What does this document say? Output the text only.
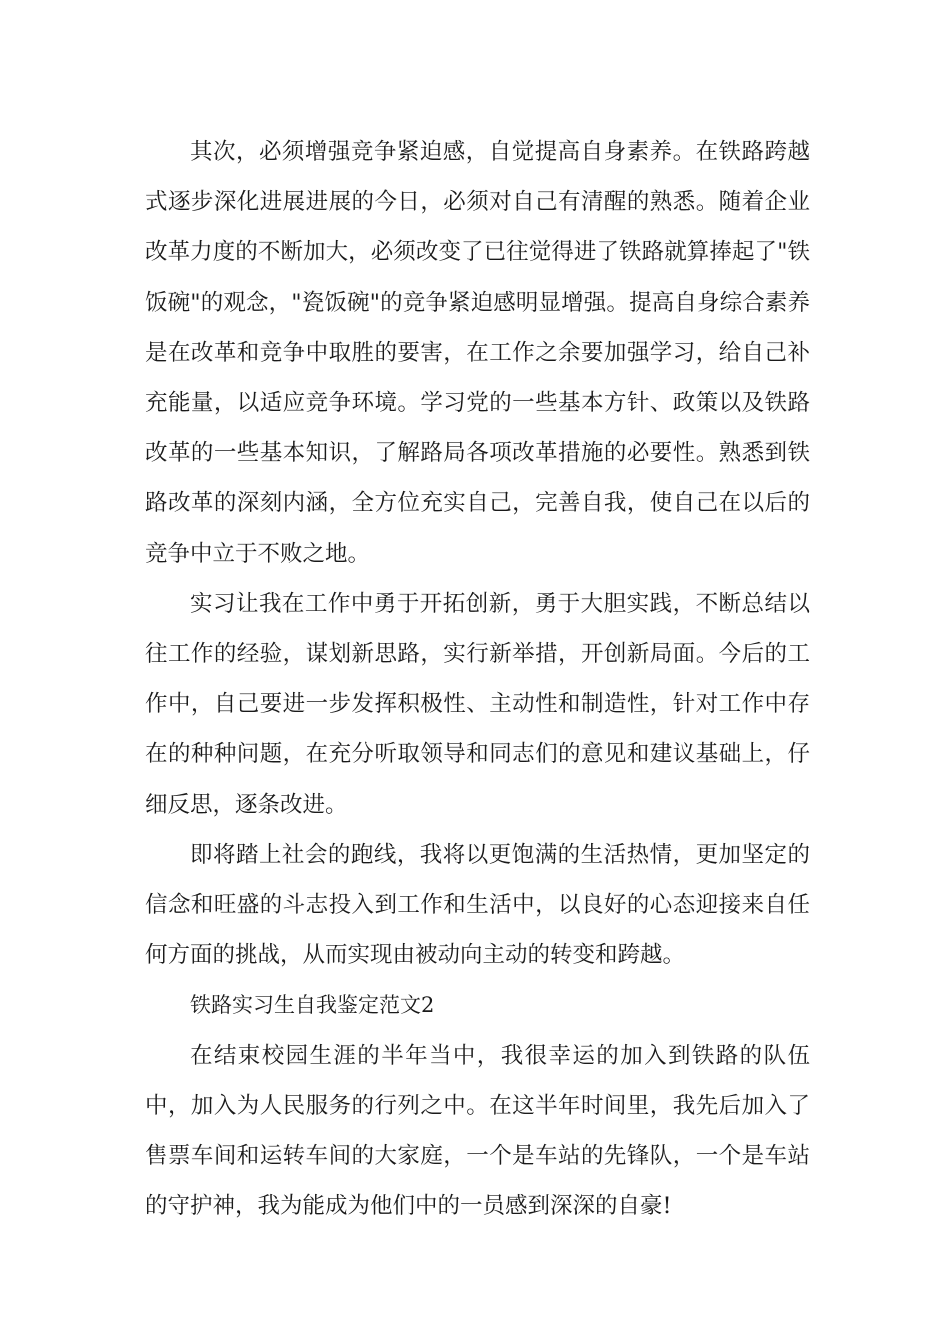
其次，必须增强竞争紧迫感，自觉提高自身素养。在铁路跨越式逐步深化进展进展的今日，必须对自己有清醒的熟悉。随着企业改革力度的不断加大，必须改变了已往觉得进了铁路就算捧起了"铁饭碗"的观念，"瓷饭碗"的竞争紧迫感明显增强。提高自身综合素养是在改革和竞争中取胜的要害，在工作之余要加强学习，给自己补充能量，以适应竞争环境。学习党的一些基本方针、政策以及铁路改革的一些基本知识，了解路局各项改革措施的必要性。熟悉到铁路改革的深刻内涵，全方位充实自己，完善自我，使自己在以后的竞争中立于不败之地。

实习让我在工作中勇于开拓创新，勇于大胆实践，不断总结以往工作的经验，谋划新思路，实行新举措，开创新局面。今后的工作中，自己要进一步发挥积极性、主动性和制造性，针对工作中存在的种种问题，在充分听取领导和同志们的意见和建议基础上，仔细反思，逐条改进。

即将踏上社会的跑线，我将以更饱满的生活热情，更加坚定的信念和旺盛的斗志投入到工作和生活中，以良好的心态迎接来自任何方面的挑战，从而实现由被动向主动的转变和跨越。

铁路实习生自我鉴定范文2

在结束校园生涯的半年当中，我很幸运的加入到铁路的队伍中，加入为人民服务的行列之中。在这半年时间里，我先后加入了售票车间和运转车间的大家庭，一个是车站的先锋队，一个是车站的守护神，我为能成为他们中的一员感到深深的自豪!
